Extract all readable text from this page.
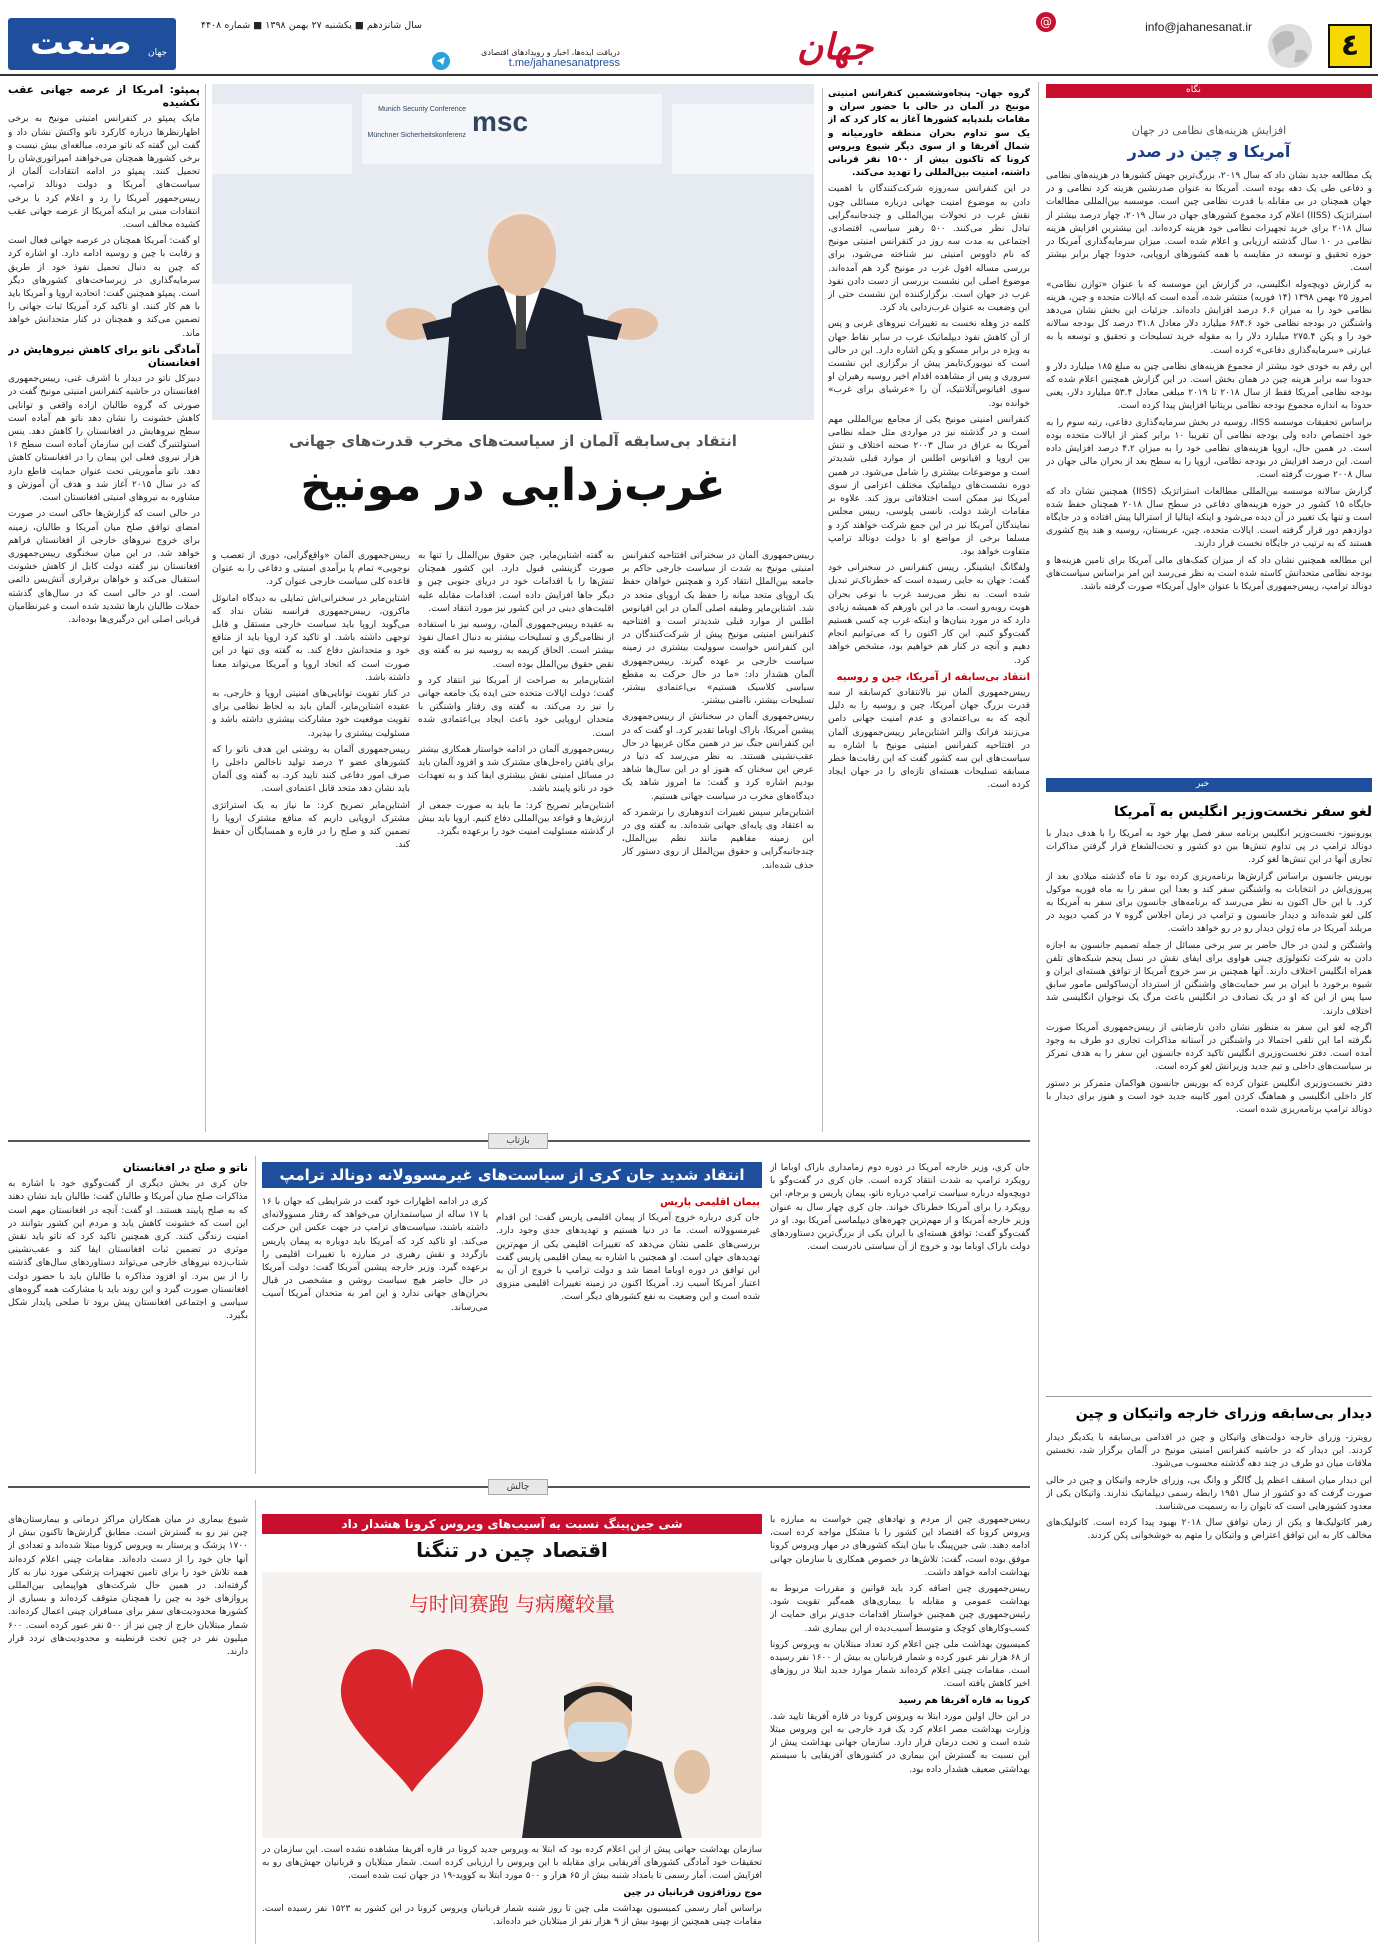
٤
info@jahanesanat.ir
@
جهان
دریافت ایده‌ها، اخبار و رویدادهای اقتصادی
t.me/jahanesanatpress
سال شانزدهم ■ یکشنبه ۲۷ بهمن ۱۳۹۸ ■ شماره ۴۴۰۸
صنعت	جهان
نگاه
افزایش هزینه‌های نظامی در جهان
آمریکا و چین در صدر

یک مطالعه جدید نشان داد که سال ۲۰۱۹، بزرگ‌ترین جهش کشورها در هزینه‌های نظامی و دفاعی طی یک دهه بوده است. آمریکا به عنوان صدرنشین هزینه کرد نظامی و در جهان همچنان در بی مقابله با قدرت نظامی چین است. موسسه بین‌المللی مطالعات استراتژیک (IISS) اعلام کرد مجموع کشورهای جهان در سال ۲۰۱۹، چهار درصد بیشتر از سال ۲۰۱۸ برای خرید تجهیزات نظامی خود هزینه کرده‌اند. این بیشترین افزایش هزینه نظامی در ۱۰ سال گذشته ارزیابی و اعلام شده است. میزان سرمایه‌گذاری آمریکا در حوزه تحقیق و توسعه در مقایسه با همه کشورهای اروپایی، حدودا چهار برابر بیشتر است.

به گزارش دویچه‌وله انگلیسی، در گزارش این موسسه که با عنوان «توازن نظامی» امروز ۲۵ بهمن ۱۳۹۸ (۱۴ فوریه) منتشر شده، آمده است که ایالات متحده و چین، هزینه نظامی خود را به میزان ۶.۶ درصد افزایش داده‌اند. جزئیات این بخش نشان می‌دهد واشنگتن در بودجه نظامی خود ۶۸۴.۶ میلیارد دلار معادل ۳۱.۸ درصد کل بودجه سالانه خود را و پکن ۲۷۵.۴ میلیارد دلار را به مقوله خرید تسلیحات و تحقیق و توسعه یا به عبارتی «سرمایه‌گذاری دفاعی» کرده است.

این رقم به خودی خود بیشتر از مجموع هزینه‌های نظامی چین به مبلغ ۱۸۵ میلیارد دلار و حدودا سه برابر هزینه چین در همان بخش است. در این گزارش همچنین اعلام شده که بودجه نظامی آمریکا فقط از سال ۲۰۱۸ تا ۲۰۱۹ مبلغی معادل ۵۳.۴ میلیارد دلار، یعنی حدودا به اندازه مجموع بودجه نظامی بریتانیا افزایش پیدا کرده است.

براساس تحقیقات موسسه IISS، روسیه در بخش سرمایه‌گذاری دفاعی، رتبه سوم را به خود اختصاص داده ولی بودجه نظامی آن تقریبا ۱۰ برابر کمتر از ایالات متحده بوده است. در همین حال، اروپا هزینه‌های نظامی خود را به میزان ۴.۲ درصد افزایش داده است. این درصد افزایش در بودجه نظامی، اروپا را به سطح بعد از بحران مالی جهان در سال ۲۰۰۸ صورت گرفته است.

گزارش سالانه موسسه بین‌المللی مطالعات استراتژیک (IISS) همچنین نشان داد که جایگاه ۱۵ کشور در حوزه هزینه‌های دفاعی در سطح سال ۲۰۱۸ همچنان حفظ شده است و تنها یک تغییر در آن دیده می‌شود و اینکه ایتالیا از استرالیا پیش افتاده و در جایگاه دوازدهم دور قرار گرفته است. ایالات متحده، چین، عربستان، روسیه و هند پنج کشوری هستند که به ترتیب در جایگاه نخست قرار دارند.

این مطالعه همچنین نشان داد که از میزان کمک‌های مالی آمریکا برای تامین هزینه‌ها و بودجه نظامی متحدانش کاسته شده است به نظر می‌رسد این امر براساس سیاست‌های دونالد ترامپ، رییس‌جمهوری آمریکا با عنوان «اول آمریکا» صورت گرفته باشد.

خبر
لغو سفر نخست‌وزیر انگلیس به آمریکا

یورونیوز- نخست‌وزیر انگلیس برنامه سفر فصل بهار خود به آمریکا را با هدف دیدار با دونالد ترامپ در پی تداوم تنش‌ها بین دو کشور و تحت‌الشعاع قرار گرفتن مذاکرات تجاری آنها در این تنش‌ها لغو کرد.

بوریس جانسون براساس گزارش‌ها برنامه‌ریزی کرده بود تا ماه گذشته میلادی بعد از پیروزی‌اش در انتخابات به واشنگتن سفر کند و بعدا این سفر را به ماه فوریه موکول کرد. با این حال اکنون به نظر می‌رسد که برنامه‌های جانسون برای سفر به آمریکا به کلی لغو شده‌اند و دیدار جانسون و ترامپ در زمان اجلاس گروه ۷ در کمپ دیوید در مریلند آمریکا در ماه ژوئن دیدار رو در رو خواهد داشت.

واشنگتن و لندن در حال حاضر بر سر برخی مسائل از جمله تصمیم جانسون به اجازه دادن به شرکت تکنولوژی چینی هواوی برای ایفای نقش در نسل پنجم شبکه‌های تلفن همراه انگلیس اختلاف دارند. آنها همچنین بر سر خروج آمریکا از توافق هسته‌ای ایران و شیوه برخورد با ایران بر سر حمایت‌های واشنگتن از استرداد آن‌ساکولس مامور سابق سیا پس از این که او در یک تصادف در انگلیس باعث مرگ یک نوجوان انگلیسی شد اختلاف دارند.

اگرچه لغو این سفر به منظور نشان دادن نارضایتی از رییس‌جمهوری آمریکا صورت نگرفته اما این تلقی احتمالا در واشنگتن در آستانه مذاکرات تجاری دو طرف به وجود آمده است. دفتر نخست‌وزیری انگلیس تاکید کرده جانسون این سفر را به هدف تمرکز بر سیاست‌های داخلی و تیم جدید وزیرانش لغو کرده است.

دفتر نخست‌وزیری انگلیس عنوان کرده که بوریس جانسون هواکمان متمرکز بر دستور کار داخلی انگلیسی و هماهنگ کردن امور کابینه جدید خود است و هنوز برای دیدار با دونالد ترامپ برنامه‌ریزی شده است.

دیدار بی‌سابقه وزرای خارجه واتیکان و چین

رویترز- وزرای خارجه دولت‌های واتیکان و چین در اقدامی بی‌سابقه با یکدیگر دیدار کردند. این دیدار که در حاشیه کنفرانس امنیتی مونیخ در آلمان برگزار شد، نخستین ملاقات میان دو طرف در چند دهه گذشته محسوب می‌شود.

این دیدار میان اسقف اعظم پل گالگر و وانگ یی، وزرای خارجه واتیکان و چین در حالی صورت گرفت که دو کشور از سال ۱۹۵۱ رابطه رسمی دیپلماتیک ندارند. واتیکان یکی از معدود کشورهایی است که تایوان را به رسمیت می‌شناسد.

رهبر کاتولیک‌ها و پکن از زمان توافق سال ۲۰۱۸ بهبود پیدا کرده است. کاتولیک‌های مخالف کار به این توافق اعتراض و واتیکان را متهم به خوشخوانی پکن کردند.

گروه جهان- پنجاه‌وششمین کنفرانس امنیتی مونیخ در آلمان در حالی با حضور سران و مقامات بلندپایه کشورها آغاز به کار کرد که از یک سو تداوم بحران منطقه خاورمیانه و شمال آفریقا و از سوی دیگر شیوع ویروس کرونا که تاکنون بیش از ۱۵۰۰ نفر قربانی داشته، امنیت بین‌المللی را تهدید می‌کند.

در این کنفرانس سه‌روزه شرکت‌کنندگان با اهمیت دادن به موضوع امنیت جهانی درباره مسائلی چون نقش غرب در تحولات بین‌المللی و چندجانبه‌گرایی تبادل نظر می‌کنند. ۵۰۰ رهبر سیاسی، اقتصادی، اجتماعی به مدت سه روز در کنفرانس امنیتی مونیخ که نام داووس امنیتی نیز شناخته می‌شود، برای بررسی مساله افول غرب در مونیخ گرد هم آمده‌اند. موضوع اصلی این نشست بررسی از دست دادن نفوذ غرب در جهان است. برگزارکننده این نشست حتی از این وضعیت به عنوان غرب‌زدایی یاد کرد.

کلمه در وهله نخست به تغییرات نیروهای غربی و پس از آن کاهش نفوذ دیپلماتیک غرب در سایر نقاط جهان به ویژه در برابر مسکو و پکن اشاره دارد. این در حالی است که نیویورک‌تایمز پیش از برگزاری این نشست سروری و پس از مشاهده اقدام اخیر روسیه رهبران او سوی اقیانوس‌آتلانتیک، آن را «عرشیای برای غرب» خوانده بود.

کنفرانس امنیتی مونیخ یکی از مجامع بین‌المللی مهم است و در گذشته نیز در مواردی مثل حمله نظامی آمریکا به عراق در سال ۲۰۰۳ صحنه اختلاف و تنش بین اروپا و اقیانوس اطلس از موارد قبلی شدیدتر است و موضوعات بیشتری را شامل می‌شود. در همین دوره نشست‌های دیپلماتیک مختلف اعزامی از سوی آمریکا نیز ممکن است اختلافاتی بروز کند. علاوه بر مقامات ارشد دولت، نانسی پلوسی، رییس مجلس نمایندگان آمریکا نیز در این جمع شرکت خواهند کرد و مسلما برخی از مواضع او با دولت دونالد ترامپ متفاوت خواهد بود.

ولفگانگ ایشینگر، رییس کنفرانس در سخنرانی خود گفت: جهان به جایی رسیده است که خطرناک‌تر تبدیل شده است. به نظر می‌رسد غرب با نوعی بحران هویت روبه‌رو است. ما در این باورهم که همیشه زیادی دارد که در مورد بنیان‌ها و اینکه غرب چه کسی هستیم گفت‌وگو کنیم. این کار اکنون را که می‌توانیم انجام دهیم و آنچه در کنار هم خواهیم بود، مشخص خواهد کرد.

انتقاد بی‌سابقه از آمریکا، چین و روسیه

رییس‌جمهوری آلمان نیز بالانتقادی کم‌سابقه از سه قدرت بزرگ جهان آمریکا، چین و روسیه را به دلیل آنچه که به بی‌اعتمادی و عدم امنیت جهانی دامن می‌زنند فرانک والتر اشتاین‌مایر رییس‌جمهوری آلمان در افتتاحیه کنفرانس امنیتی مونیخ با اشاره به سیاست‌های این سه کشور گفت که این رقابت‌ها خطر مسابقه تسلیحات هسته‌ای تازه‌ای را در جهان ایجاد کرده است.

msc
Munich Security Conference
Münchner Sicherheitskonferenz
انتقاد بی‌سابقه آلمان از سیاست‌های مخرب قدرت‌های جهانی
غرب‌زدایی در مونیخ

رییس‌جمهوری آلمان در سخنرانی افتتاحیه کنفرانس امنیتی مونیخ به شدت از سیاست خارجی حاکم بر جامعه بین‌الملل انتقاد کرد و همچنین خواهان حفظ یک اروپای متحد میانه را حفظ یک اروپای متحد در شد. اشتاین‌مایر وظیفه اصلی آلمان در این اقیانوس اطلس از موارد قبلی شدیدتر است و افتتاحیه کنفرانس امنیتی مونیخ پیش از شرکت‌کنندگان در این کنفرانس خواست سوولیت بیشتری در زمینه سیاست خارجی بر عهده گیرند. رییس‌جمهوری آلمان هشدار داد: «ما در حال حرکت به مقطع سیاسی کلاسیک هستیم» بی‌اعتمادی بیشتر، تسلیحات بیشتر، ناامنی بیشتر.

رییس‌جمهوری آلمان در سخنانش از رییس‌جمهوری پیشین آمریکا، باراک اوباما تقدیر کرد. او گفت که در این کنفرانس جنگ نیز در همین مکان غربیها در حال عقب‌نشینی هستند. به نظر می‌رسد که دنیا در عرض این سخنان که هنوز او در این سال‌ها شاهد بودیم اشاره کرد و گفت: ما امروز شاهد یک دیدگاه‌های مخرب در سیاست جهانی هستیم.

اشتاین‌مایر سپس تغییرات اندوهباری را برشمرد که به اعتقاد وی پایه‌ای جهانی شده‌اند. به گفته وی در این زمینه مفاهیم مانند نظم بین‌الملل، چندجانبه‌گرایی و حقوق بین‌الملل از روی دستور کار حذف شده‌اند.

به گفته اشتاین‌مایر، چین حقوق بین‌الملل را تنها به صورت گزینشی قبول دارد. این کشور همچنان تنش‌ها را با اقدامات خود در دریای جنوبی چین و دیگر جاها افزایش داده است. اقدامات مقابله علیه اقلیت‌های دینی در این کشور نیز مورد انتقاد است.

به عقیده رییس‌جمهوری آلمان، روسیه نیز با استفاده از نظامی‌گری و تسلیحات بیشتر به دنبال اعمال نفوذ بیشتر است. الحاق کریمه به روسیه نیز به گفته وی نقض حقوق بین‌الملل بوده است.

اشتاین‌مایر به صراحت از آمریکا نیز انتقاد کرد و گفت: دولت ایالات متحده حتی ایده یک جامعه جهانی را نیز رد می‌کند. به گفته وی رفتار واشنگتن با متحدان اروپایی خود باعث ایجاد بی‌اعتمادی شده است.

رییس‌جمهوری آلمان در ادامه خواستار همکاری بیشتر برای یافتن راه‌حل‌های مشترک شد و افزود آلمان باید در مسائل امنیتی نقش بیشتری ایفا کند و به تعهدات خود در ناتو پایبند باشد.

اشتاین‌مایر تصریح کرد: ما باید به صورت جمعی از ارزش‌ها و قواعد بین‌المللی دفاع کنیم. اروپا باید بیش از گذشته مسئولیت امنیت خود را برعهده بگیرد.

رییس‌جمهوری آلمان «واقع‌گرایی، دوری از تعصب و نوجویی» تمام پا برآمدی امنیتی و دفاعی را به عنوان قاعده کلی سیاست خارجی عنوان کرد.

اشتاین‌مایر در سخنرانی‌اش تمایلی به دیدگاه امانوئل ماکرون، رییس‌جمهوری فرانسه نشان نداد که می‌گوید اروپا باید سیاست خارجی مستقل و قابل توجهی داشته باشد. او تاکید کرد اروپا باید از منافع خود و متحدانش دفاع کند. به گفته وی تنها در این صورت است که اتحاد اروپا و آمریکا می‌تواند معنا داشته باشد.

در کنار تقویت توانایی‌های امنیتی اروپا و خارجی، به عقیده اشتاین‌مایر، آلمان باید به لحاظ نظامی برای تقویت موقعیت خود مشارکت بیشتری داشته باشد و مسئولیت بیشتری را بپذیرد.

رییس‌جمهوری آلمان به روشنی این هدف ناتو را که کشورهای عضو ۲ درصد تولید ناخالص داخلی را صرف امور دفاعی کنند تایید کرد. به گفته وی آلمان باید نشان دهد متحد قابل اعتمادی است.

اشتاین‌مایر تصریح کرد: ما نیاز به یک استراتژی مشترک اروپایی داریم که منافع مشترک اروپا را تضمین کند و صلح را در قاره و همسایگان آن حفظ کند.

پمپئو: آمریکا از عرصه جهانی عقب نکشیده

مایک پمپئو در کنفرانس امنیتی مونیخ به برخی اظهارنظرها درباره کارکرد ناتو واکنش نشان داد و گفت این گفته که ناتو مرده، مبالغه‌ای بیش نیست و برخی کشورها همچنان می‌خواهند امپراتوری‌شان را تحمیل کنند. پمپئو در ادامه انتقادات آلمان از سیاست‌های آمریکا و دولت دونالد ترامپ، رییس‌جمهور آمریکا را رد و اعلام کرد با برخی انتقادات مبنی بر اینکه آمریکا از عرصه جهانی عقب کشیده مخالف است.

او گفت: آمریکا همچنان در عرصه جهانی فعال است و رقابت با چین و روسیه ادامه دارد. او اشاره کرد که چین به دنبال تحمیل نفوذ خود از طریق سرمایه‌گذاری در زیرساخت‌های کشورهای دیگر است. پمپئو همچنین گفت: اتحادیه اروپا و آمریکا باید با هم کار کنند. او تاکید کرد آمریکا ثبات جهانی را تضمین می‌کند و همچنان در کنار متحدانش خواهد ماند.

آمادگی ناتو برای کاهش نیروهایش در افغانستان

دبیرکل ناتو در دیدار با اشرف غنی، رییس‌جمهوری افغانستان در حاشیه کنفرانس امنیتی مونیخ گفت در صورتی که گروه طالبان اراده واقعی و توانایی کاهش خشونت را نشان دهد ناتو هم آماده است سطح نیروهایش در افغانستان را کاهش دهد. ینس استولتنبرگ گفت این سازمان آماده است سطح ۱۶ هزار نیروی فعلی این پیمان را در افغانستان کاهش دهد. ناتو مأموریتی تحت عنوان حمایت قاطع دارد که در سال ۲۰۱۵ آغاز شد و هدف آن آموزش و مشاوره به نیروهای امنیتی افغانستان است.

در حالی است که گزارش‌ها حاکی است در صورت امضای توافق صلح میان آمریکا و طالبان، زمینه برای خروج نیروهای خارجی از افغانستان فراهم خواهد شد. در این میان سخنگوی رییس‌جمهوری افغانستان نیز گفته دولت کابل از کاهش خشونت استقبال می‌کند و خواهان برقراری آتش‌بس دائمی است. او در حالی است که در سال‌های گذشته حملات طالبان بارها تشدید شده است و غیرنظامیان قربانی اصلی این درگیری‌ها بوده‌اند.

بازتاب
انتقاد شدید جان کری از سیاست‌های غیرمسوولانه دونالد ترامپ	جان کری، وزیر خارجه آمریکا در دوره دوم زمامداری باراک اوباما از رویکرد ترامپ به شدت انتقاد کرده است. جان کری در گفت‌وگو با دویچه‌وله درباره سیاست ترامپ درباره ناتو، پیمان پاریس و برجام، این رویکرد را برای آمریکا خطرناک خواند. جان کری چهار سال به عنوان وزیر خارجه آمریکا و از مهم‌ترین چهره‌های دیپلماسی آمریکا بود. او در گفت‌وگو گفت: توافق هسته‌ای با ایران یکی از بزرگ‌ترین دستاوردهای دولت باراک اوباما بود و خروج از آن سیاستی نادرست است.

پیمان اقلیمی پاریس

جان کری درباره خروج آمریکا از پیمان اقلیمی پاریس گفت: این اقدام غیرمسوولانه است. ما در دنیا هستیم و تهدیدهای جدی وجود دارد. بررسی‌های علمی نشان می‌دهد که تغییرات اقلیمی یکی از مهم‌ترین تهدیدهای جهان است. او همچنین با اشاره به پیمان اقلیمی پاریس گفت این توافق در دوره اوباما امضا شد و دولت ترامپ با خروج از آن به اعتبار آمریکا آسیب زد. آمریکا اکنون در زمینه تغییرات اقلیمی منزوی شده است و این وضعیت به نفع کشورهای دیگر است.

کری در ادامه اظهارات خود گفت در شرایطی که جهان با ۱۶ یا ۱۷ ساله از سیاستمداران می‌خواهد که رفتار مسوولانه‌ای داشته باشند، سیاست‌های ترامپ در جهت عکس این حرکت می‌کند. او تاکید کرد که آمریکا باید دوباره به پیمان پاریس بازگردد و نقش رهبری در مبارزه با تغییرات اقلیمی را برعهده گیرد. وزیر خارجه پیشین آمریکا گفت: دولت آمریکا در حال حاضر هیچ سیاست روشن و مشخصی در قبال بحران‌های جهانی ندارد و این امر به متحدان آمریکا آسیب می‌رساند.

ناتو و صلح در افغانستان

جان کری در بخش دیگری از گفت‌وگوی خود با اشاره به مذاکرات صلح میان آمریکا و طالبان گفت: طالبان باید نشان دهند که به صلح پایبند هستند. او گفت: آنچه در افغانستان مهم است این است که خشونت کاهش یابد و مردم این کشور بتوانند در امنیت زندگی کنند. کری همچنین تاکید کرد که ناتو باید نقش موثری در تضمین ثبات افغانستان ایفا کند و عقب‌نشینی شتاب‌زده نیروهای خارجی می‌تواند دستاوردهای سال‌های گذشته را از بین ببرد. او افزود مذاکره با طالبان باید با حضور دولت افغانستان صورت گیرد و این روند باید با مشارکت همه گروه‌های سیاسی و اجتماعی افغانستان پیش برود تا صلحی پایدار شکل بگیرد.

چالش
شی جین‌پینگ نسبت به آسیب‌های ویروس کرونا هشدار داد
اقتصاد چین در تنگنا
与时间赛跑 与病魔较量

رییس‌جمهوری چین از مردم و نهادهای چین خواست به مبارزه با ویروس کرونا که اقتصاد این کشور را با مشکل مواجه کرده است، ادامه دهند. شی جین‌پینگ با بیان اینکه کشورهای در مهار ویروس کرونا موفق بوده است، گفت: تلاش‌ها در خصوص همکاری با سازمان جهانی بهداشت ادامه خواهد داشت.

رییس‌جمهوری چین اضافه کرد باید قوانین و مقررات مربوط به بهداشت عمومی و مقابله با بیماری‌های همه‌گیر تقویت شود. رئیس‌جمهوری چین همچنین خواستار اقدامات جدی‌تر برای حمایت از کسب‌وکارهای کوچک و متوسط آسیب‌دیده از این بیماری شد.

کمیسیون بهداشت ملی چین اعلام کرد تعداد مبتلایان به ویروس کرونا از ۶۸ هزار نفر عبور کرده و شمار قربانیان به بیش از ۱۶۰۰ نفر رسیده است. مقامات چینی اعلام کرده‌اند شمار موارد جدید ابتلا در روزهای اخیر کاهش یافته است.

کرونا به قاره آفریقا هم رسید

در این حال اولین مورد ابتلا به ویروس کرونا در قاره آفریقا تایید شد. وزارت بهداشت مصر اعلام کرد یک فرد خارجی به این ویروس مبتلا شده است و تحت درمان قرار دارد. سازمان جهانی بهداشت پیش از این نسبت به گسترش این بیماری در کشورهای آفریقایی با سیستم بهداشتی ضعیف هشدار داده بود.

سازمان بهداشت جهانی پیش از این اعلام کرده بود که ابتلا به ویروس جدید کرونا در قاره آفریقا مشاهده نشده است. این سازمان در تحقیقات خود آمادگی کشورهای آفریقایی برای مقابله با این ویروس را ارزیابی کرده است. شمار مبتلایان و قربانیان جهش‌های رو به افزایش است. آمار رسمی تا بامداد شنبه بیش از ۶۵ هزار و ۵۰۰ مورد ابتلا به کووید-۱۹ در جهان ثبت شده است.

موج روزافزون قربانیان در چین

براساس آمار رسمی کمیسیون بهداشت ملی چین تا روز شنبه شمار قربانیان ویروس کرونا در این کشور به ۱۵۲۳ نفر رسیده است. مقامات چینی همچنین از بهبود بیش از ۹ هزار نفر از مبتلایان خبر داده‌اند.

شیوع بیماری در میان همکاران مراکز درمانی و بیمارستان‌های چین نیز رو به گسترش است. مطابق گزارش‌ها تاکنون بیش از ۱۷۰۰ پزشک و پرستار به ویروس کرونا مبتلا شده‌اند و تعدادی از آنها جان خود را از دست داده‌اند. مقامات چینی اعلام کرده‌اند همه تلاش خود را برای تامین تجهیزات پزشکی مورد نیاز به کار گرفته‌اند. در همین حال شرکت‌های هواپیمایی بین‌المللی پروازهای خود به چین را همچنان متوقف کرده‌اند و بسیاری از کشورها محدودیت‌های سفر برای مسافران چینی اعمال کرده‌اند. شمار مبتلایان خارج از چین نیز از ۵۰۰ نفر عبور کرده است. ۶۰۰ میلیون نفر در چین تحت قرنطینه و محدودیت‌های تردد قرار دارند.
